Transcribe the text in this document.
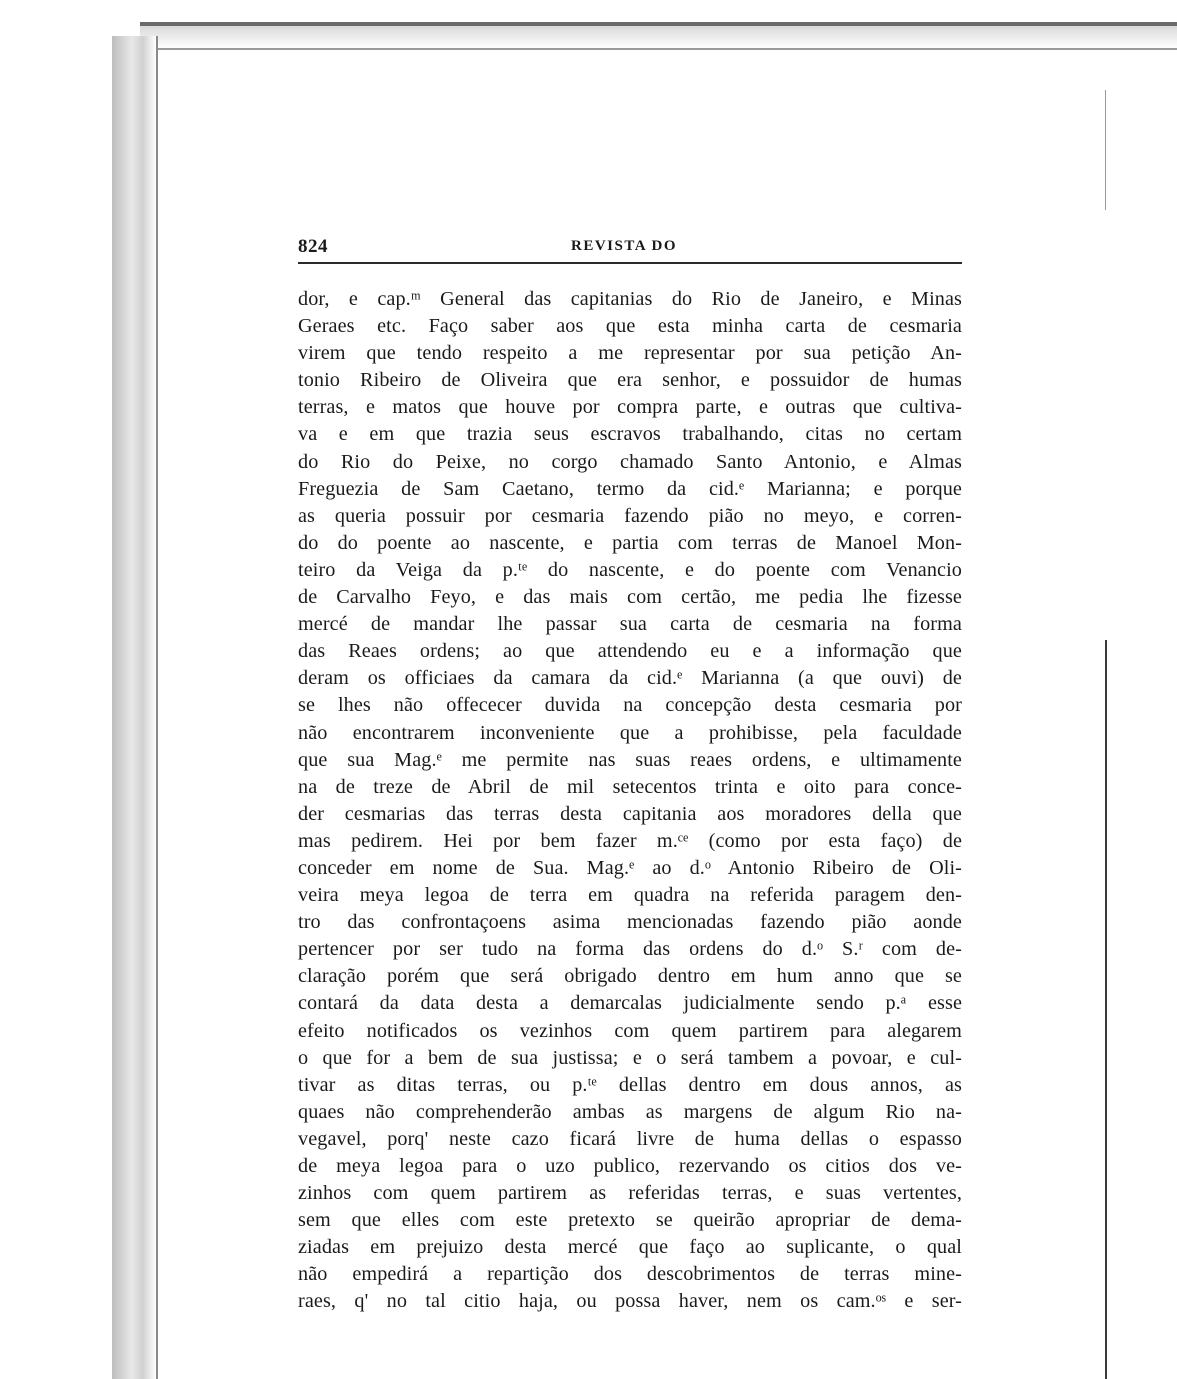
824	REVISTA DO
dor, e cap.ᵐ General das capitanias do Rio de Janeiro, e Minas
Geraes etc. Faço saber aos que esta minha carta de cesmaria
virem que tendo respeito a me representar por sua petição An-
tonio Ribeiro de Oliveira que era senhor, e possuidor de humas
terras, e matos que houve por compra parte, e outras que cultiva-
va e em que trazia seus escravos trabalhando, citas no certam
do Rio do Peixe, no corgo chamado Santo Antonio, e Almas
Freguezia de Sam Caetano, termo da cid.ᵉ Marianna; e porque
as queria possuir por cesmaria fazendo pião no meyo, e corren-
do do poente ao nascente, e partia com terras de Manoel Mon-
teiro da Veiga da p.ᵗᵉ do nascente, e do poente com Venancio
de Carvalho Feyo, e das mais com certão, me pedia lhe fizesse
mercé de mandar lhe passar sua carta de cesmaria na forma
das Reaes ordens; ao que attendendo eu e a informação que
deram os officiaes da camara da cid.ᵉ Marianna (a que ouvi) de
se lhes não offececer duvida na concepção desta cesmaria por
não encontrarem inconveniente que a prohibisse, pela faculdade
que sua Mag.ᵉ me permite nas suas reaes ordens, e ultimamente
na de treze de Abril de mil setecentos trinta e oito para conce-
der cesmarias das terras desta capitania aos moradores della que
mas pedirem. Hei por bem fazer m.ᶜᵉ (como por esta faço) de
conceder em nome de Sua. Mag.ᵉ ao d.ᵒ Antonio Ribeiro de Oli-
veira meya legoa de terra em quadra na referida paragem den-
tro das confrontaçoens asima mencionadas fazendo pião aonde
pertencer por ser tudo na forma das ordens do d.ᵒ S.ʳ com de-
claração porém que será obrigado dentro em hum anno que se
contará da data desta a demarcalas judicialmente sendo p.ᵃ esse
efeito notificados os vezinhos com quem partirem para alegarem
o que for a bem de sua justissa; e o será tambem a povoar, e cul-
tivar as ditas terras, ou p.ᵗᵉ dellas dentro em dous annos, as
quaes não comprehenderão ambas as margens de algum Rio na-
vegavel, porq' neste cazo ficará livre de huma dellas o espasso
de meya legoa para o uzo publico, rezervando os citios dos ve-
zinhos com quem partirem as referidas terras, e suas vertentes,
sem que elles com este pretexto se queirão apropriar de dema-
ziadas em prejuizo desta mercé que faço ao suplicante, o qual
não empedirá a repartição dos descobrimentos de terras mine-
raes, q' no tal citio haja, ou possa haver, nem os cam.ᵒˢ e ser-
